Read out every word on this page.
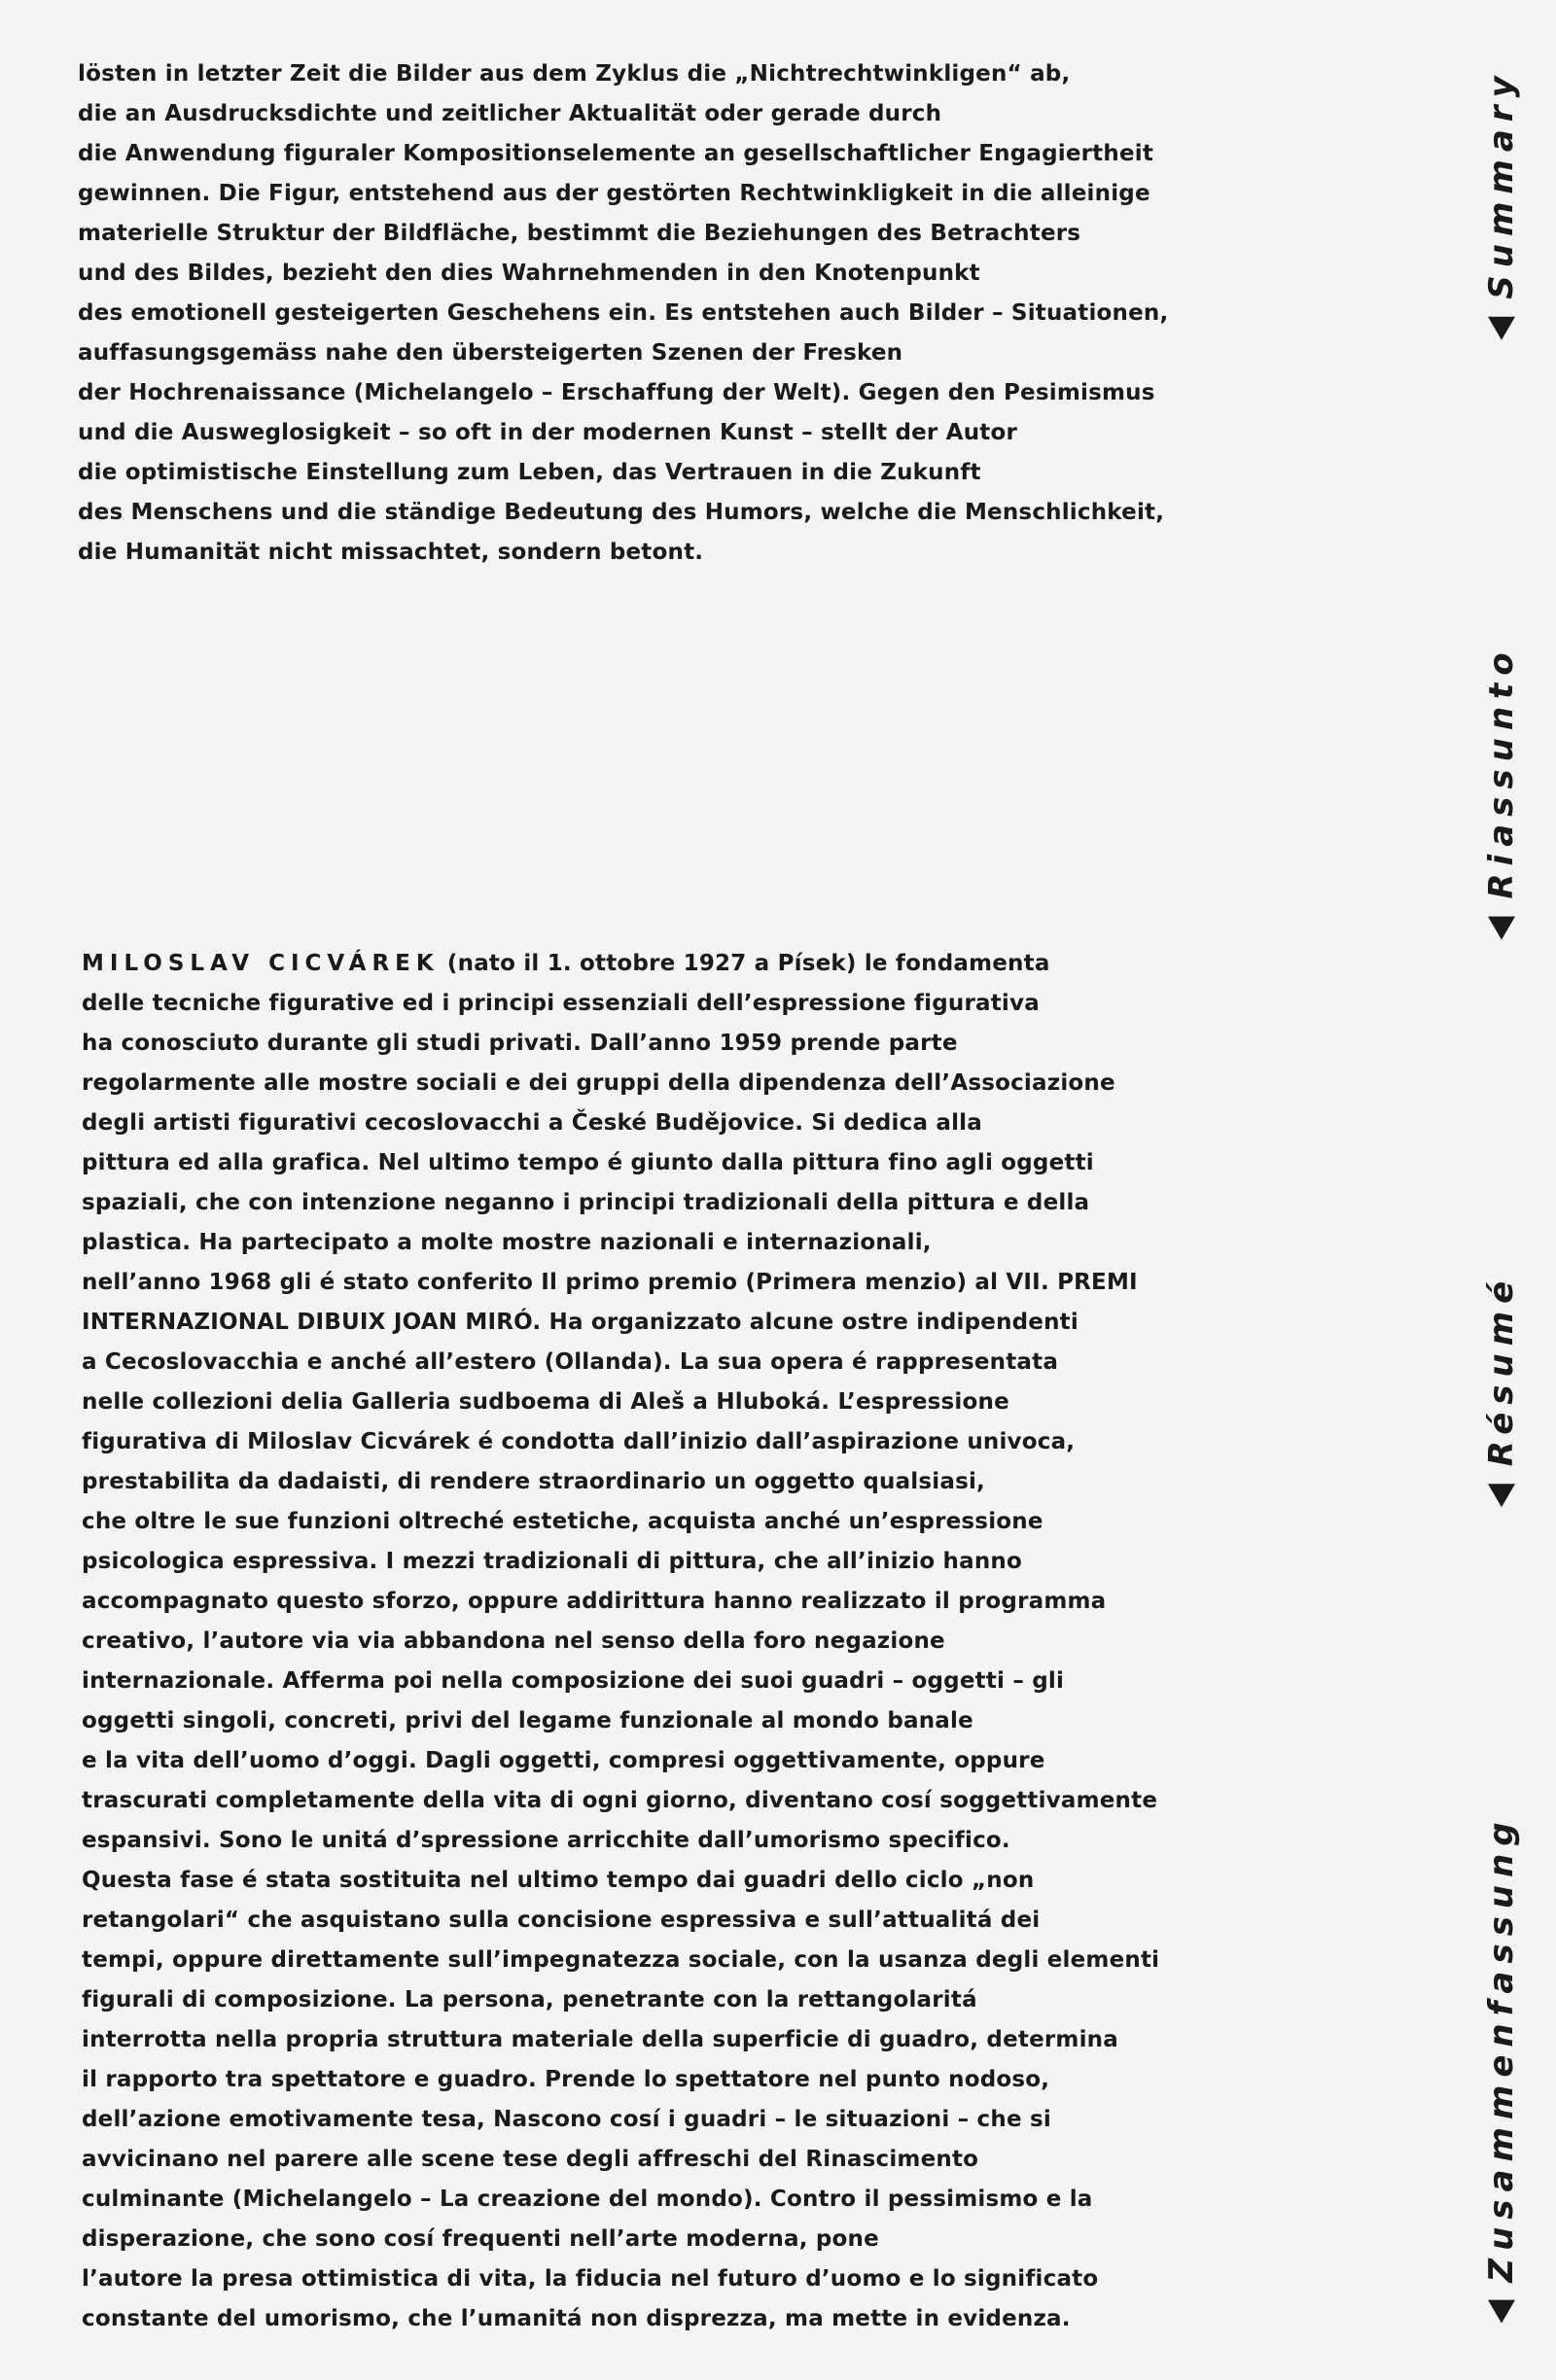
lösten in letzter Zeit die Bilder aus dem Zyklus die „Nichtrechtwinkligen“ ab,
die an Ausdrucksdichte und zeitlicher Aktualität oder gerade durch
die Anwendung figuraler Kompositionselemente an gesellschaftlicher Engagiertheit
gewinnen. Die Figur, entstehend aus der gestörten Rechtwinkligkeit in die alleinige
materielle Struktur der Bildfläche, bestimmt die Beziehungen des Betrachters
und des Bildes, bezieht den dies Wahrnehmenden in den Knotenpunkt
des emotionell gesteigerten Geschehens ein. Es entstehen auch Bilder – Situationen,
auffasungsgemäss nahe den übersteigerten Szenen der Fresken
der Hochrenaissance (Michelangelo – Erschaffung der Welt). Gegen den Pesimismus
und die Ausweglosigkeit – so oft in der modernen Kunst – stellt der Autor
die optimistische Einstellung zum Leben, das Vertrauen in die Zukunft
des Menschens und die ständige Bedeutung des Humors, welche die Menschlichkeit,
die Humanität nicht missachtet, sondern betont.
MILOSLAV CICVÁREK (nato il 1. ottobre 1927 a Písek) le fondamenta
delle tecniche figurative ed i principi essenziali dell’espressione figurativa
ha conosciuto durante gli studi privati. Dall’anno 1959 prende parte
regolarmente alle mostre sociali e dei gruppi della dipendenza dell’Associazione
degli artisti figurativi cecoslovacchi a České Budějovice. Si dedica alla
pittura ed alla grafica. Nel ultimo tempo é giunto dalla pittura fino agli oggetti
spaziali, che con intenzione neganno i principi tradizionali della pittura e della
plastica. Ha partecipato a molte mostre nazionali e internazionali,
nell’anno 1968 gli é stato conferito Il primo premio (Primera menzio) al VII. PREMI
INTERNAZIONAL DIBUIX JOAN MIRÓ. Ha organizzato alcune ostre indipendenti
a Cecoslovacchia e anché all’estero (Ollanda). La sua opera é rappresentata
nelle collezioni delia Galleria sudboema di Aleš a Hluboká. L’espressione
figurativa di Miloslav Cicvárek é condotta dall’inizio dall’aspirazione univoca,
prestabilita da dadaisti, di rendere straordinario un oggetto qualsiasi,
che oltre le sue funzioni oltreché estetiche, acquista anché un’espressione
psicologica espressiva. I mezzi tradizionali di pittura, che all’inizio hanno
accompagnato questo sforzo, oppure addirittura hanno realizzato il programma
creativo, l’autore via via abbandona nel senso della foro negazione
internazionale. Afferma poi nella composizione dei suoi guadri – oggetti – gli
oggetti singoli, concreti, privi del legame funzionale al mondo banale
e la vita dell’uomo d’oggi. Dagli oggetti, compresi oggettivamente, oppure
trascurati completamente della vita di ogni giorno, diventano cosí soggettivamente
espansivi. Sono le unitá d’spressione arricchite dall’umorismo specifico.
Questa fase é stata sostituita nel ultimo tempo dai guadri dello ciclo „non
retangolari“ che asquistano sulla concisione espressiva e sull’attualitá dei
tempi, oppure direttamente sull’impegnatezza sociale, con la usanza degli elementi
figurali di composizione. La persona, penetrante con la rettangolaritá
interrotta nella propria struttura materiale della superficie di guadro, determina
il rapporto tra spettatore e guadro. Prende lo spettatore nel punto nodoso,
dell’azione emotivamente tesa, Nascono cosí i guadri – le situazioni – che si
avvicinano nel parere alle scene tese degli affreschi del Rinascimento
culminante (Michelangelo – La creazione del mondo). Contro il pessimismo e la
disperazione, che sono cosí frequenti nell’arte moderna, pone
l’autore la presa ottimistica di vita, la fiducia nel futuro d’uomo e lo significato
constante del umorismo, che l’umanitá non disprezza, ma mette in evidenza.
Summary
Riassunto
Résumé
Zusammenfassung
